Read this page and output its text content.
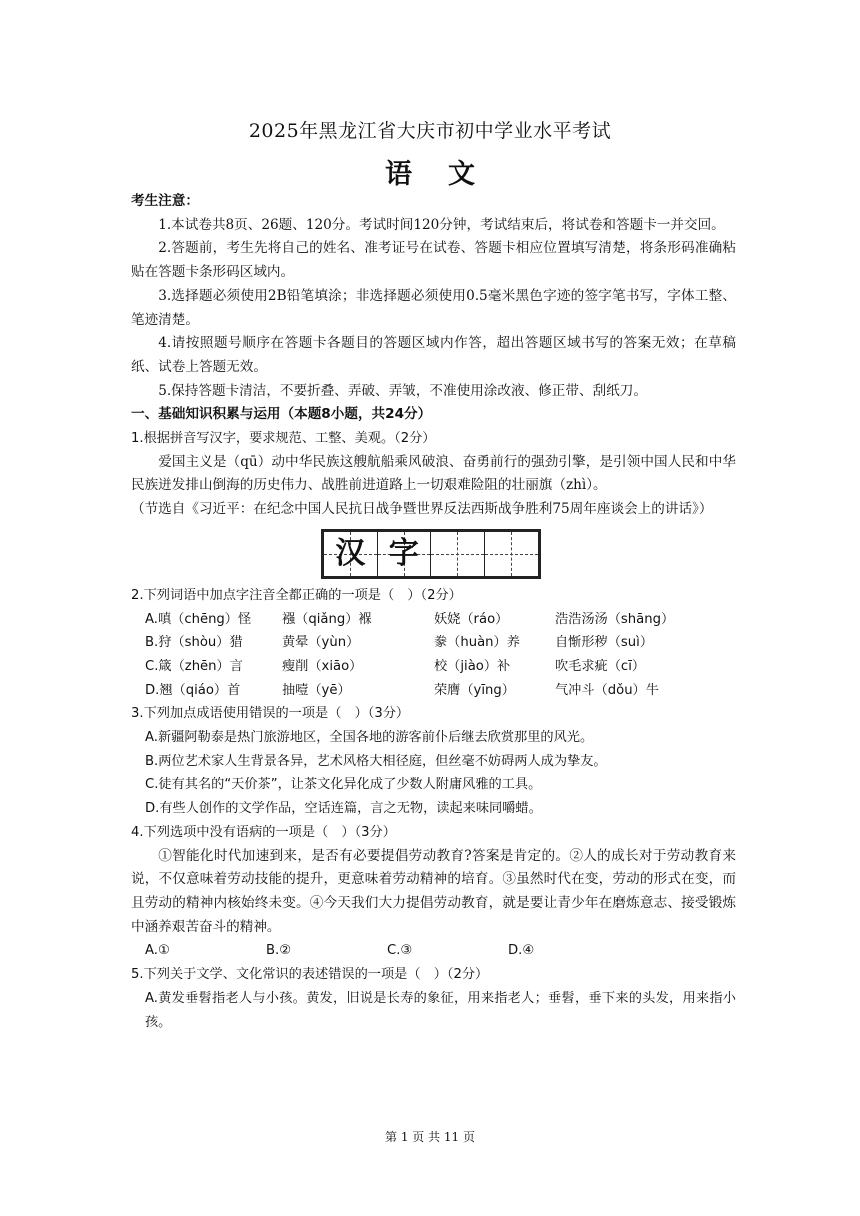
2025年黑龙江省大庆市初中学业水平考试
语文

考生注意：

1.本试卷共8页、26题、120分。考试时间120分钟，考试结束后，将试卷和答题卡一并交回。

2.答题前，考生先将自己的姓名、准考证号在试卷、答题卡相应位置填写清楚，将条形码准确粘贴在答题卡条形码区域内。

3.选择题必须使用2B铅笔填涂；非选择题必须使用0.5毫米黑色字迹的签字笔书写，字体工整、笔迹清楚。

4.请按照题号顺序在答题卡各题目的答题区域内作答，超出答题区域书写的答案无效；在草稿纸、试卷上答题无效。

5.保持答题卡清洁，不要折叠、弄破、弄皱，不准使用涂改液、修正带、刮纸刀。

一、基础知识积累与运用（本题8小题，共24分）

1.根据拼音写汉字，要求规范、工整、美观。（2分）

爱国主义是（qū）动中华民族这艘航船乘风破浪、奋勇前行的强劲引擎，是引领中国人民和中华民族迸发排山倒海的历史伟力、战胜前进道路上一切艰难险阻的壮丽旗（zhì）。

（节选自《习近平：在纪念中国人民抗日战争暨世界反法西斯战争胜利75周年座谈会上的讲话》）

汉 字

2.下列词语中加点字注音全都正确的一项是（　）（2分）

A.嗔（chēng）怪	襁（qiǎng）褓	妖娆（ráo）	浩浩汤汤（shāng）
B.狩（shòu）猎	黄晕（yùn）	豢（huàn）养	自惭形秽（suì）
C.箴（zhēn）言	瘦削（xiāo）	校（jiào）补	吹毛求疵（cī）
D.翘（qiáo）首	抽噎（yē）	荣膺（yīng）	气冲斗（dǒu）牛

3.下列加点成语使用错误的一项是（　）（3分）

A.新疆阿勒泰是热门旅游地区，全国各地的游客前仆后继去欣赏那里的风光。

B.两位艺术家人生背景各异，艺术风格大相径庭，但丝毫不妨碍两人成为挚友。

C.徒有其名的“天价茶”，让茶文化异化成了少数人附庸风雅的工具。

D.有些人创作的文学作品，空话连篇，言之无物，读起来味同嚼蜡。

4.下列选项中没有语病的一项是（　）（3分）

①智能化时代加速到来，是否有必要提倡劳动教育?答案是肯定的。②人的成长对于劳动教育来说，不仅意味着劳动技能的提升，更意味着劳动精神的培育。③虽然时代在变，劳动的形式在变，而且劳动的精神内核始终未变。④今天我们大力提倡劳动教育，就是要让青少年在磨炼意志、接受锻炼中涵养艰苦奋斗的精神。

A.①	B.②	C.③	D.④

5.下列关于文学、文化常识的表述错误的一项是（　）（2分）

A.黄发垂髫指老人与小孩。黄发，旧说是长寿的象征，用来指老人；垂髫，垂下来的头发，用来指小孩。

第 1 页 共 11 页
